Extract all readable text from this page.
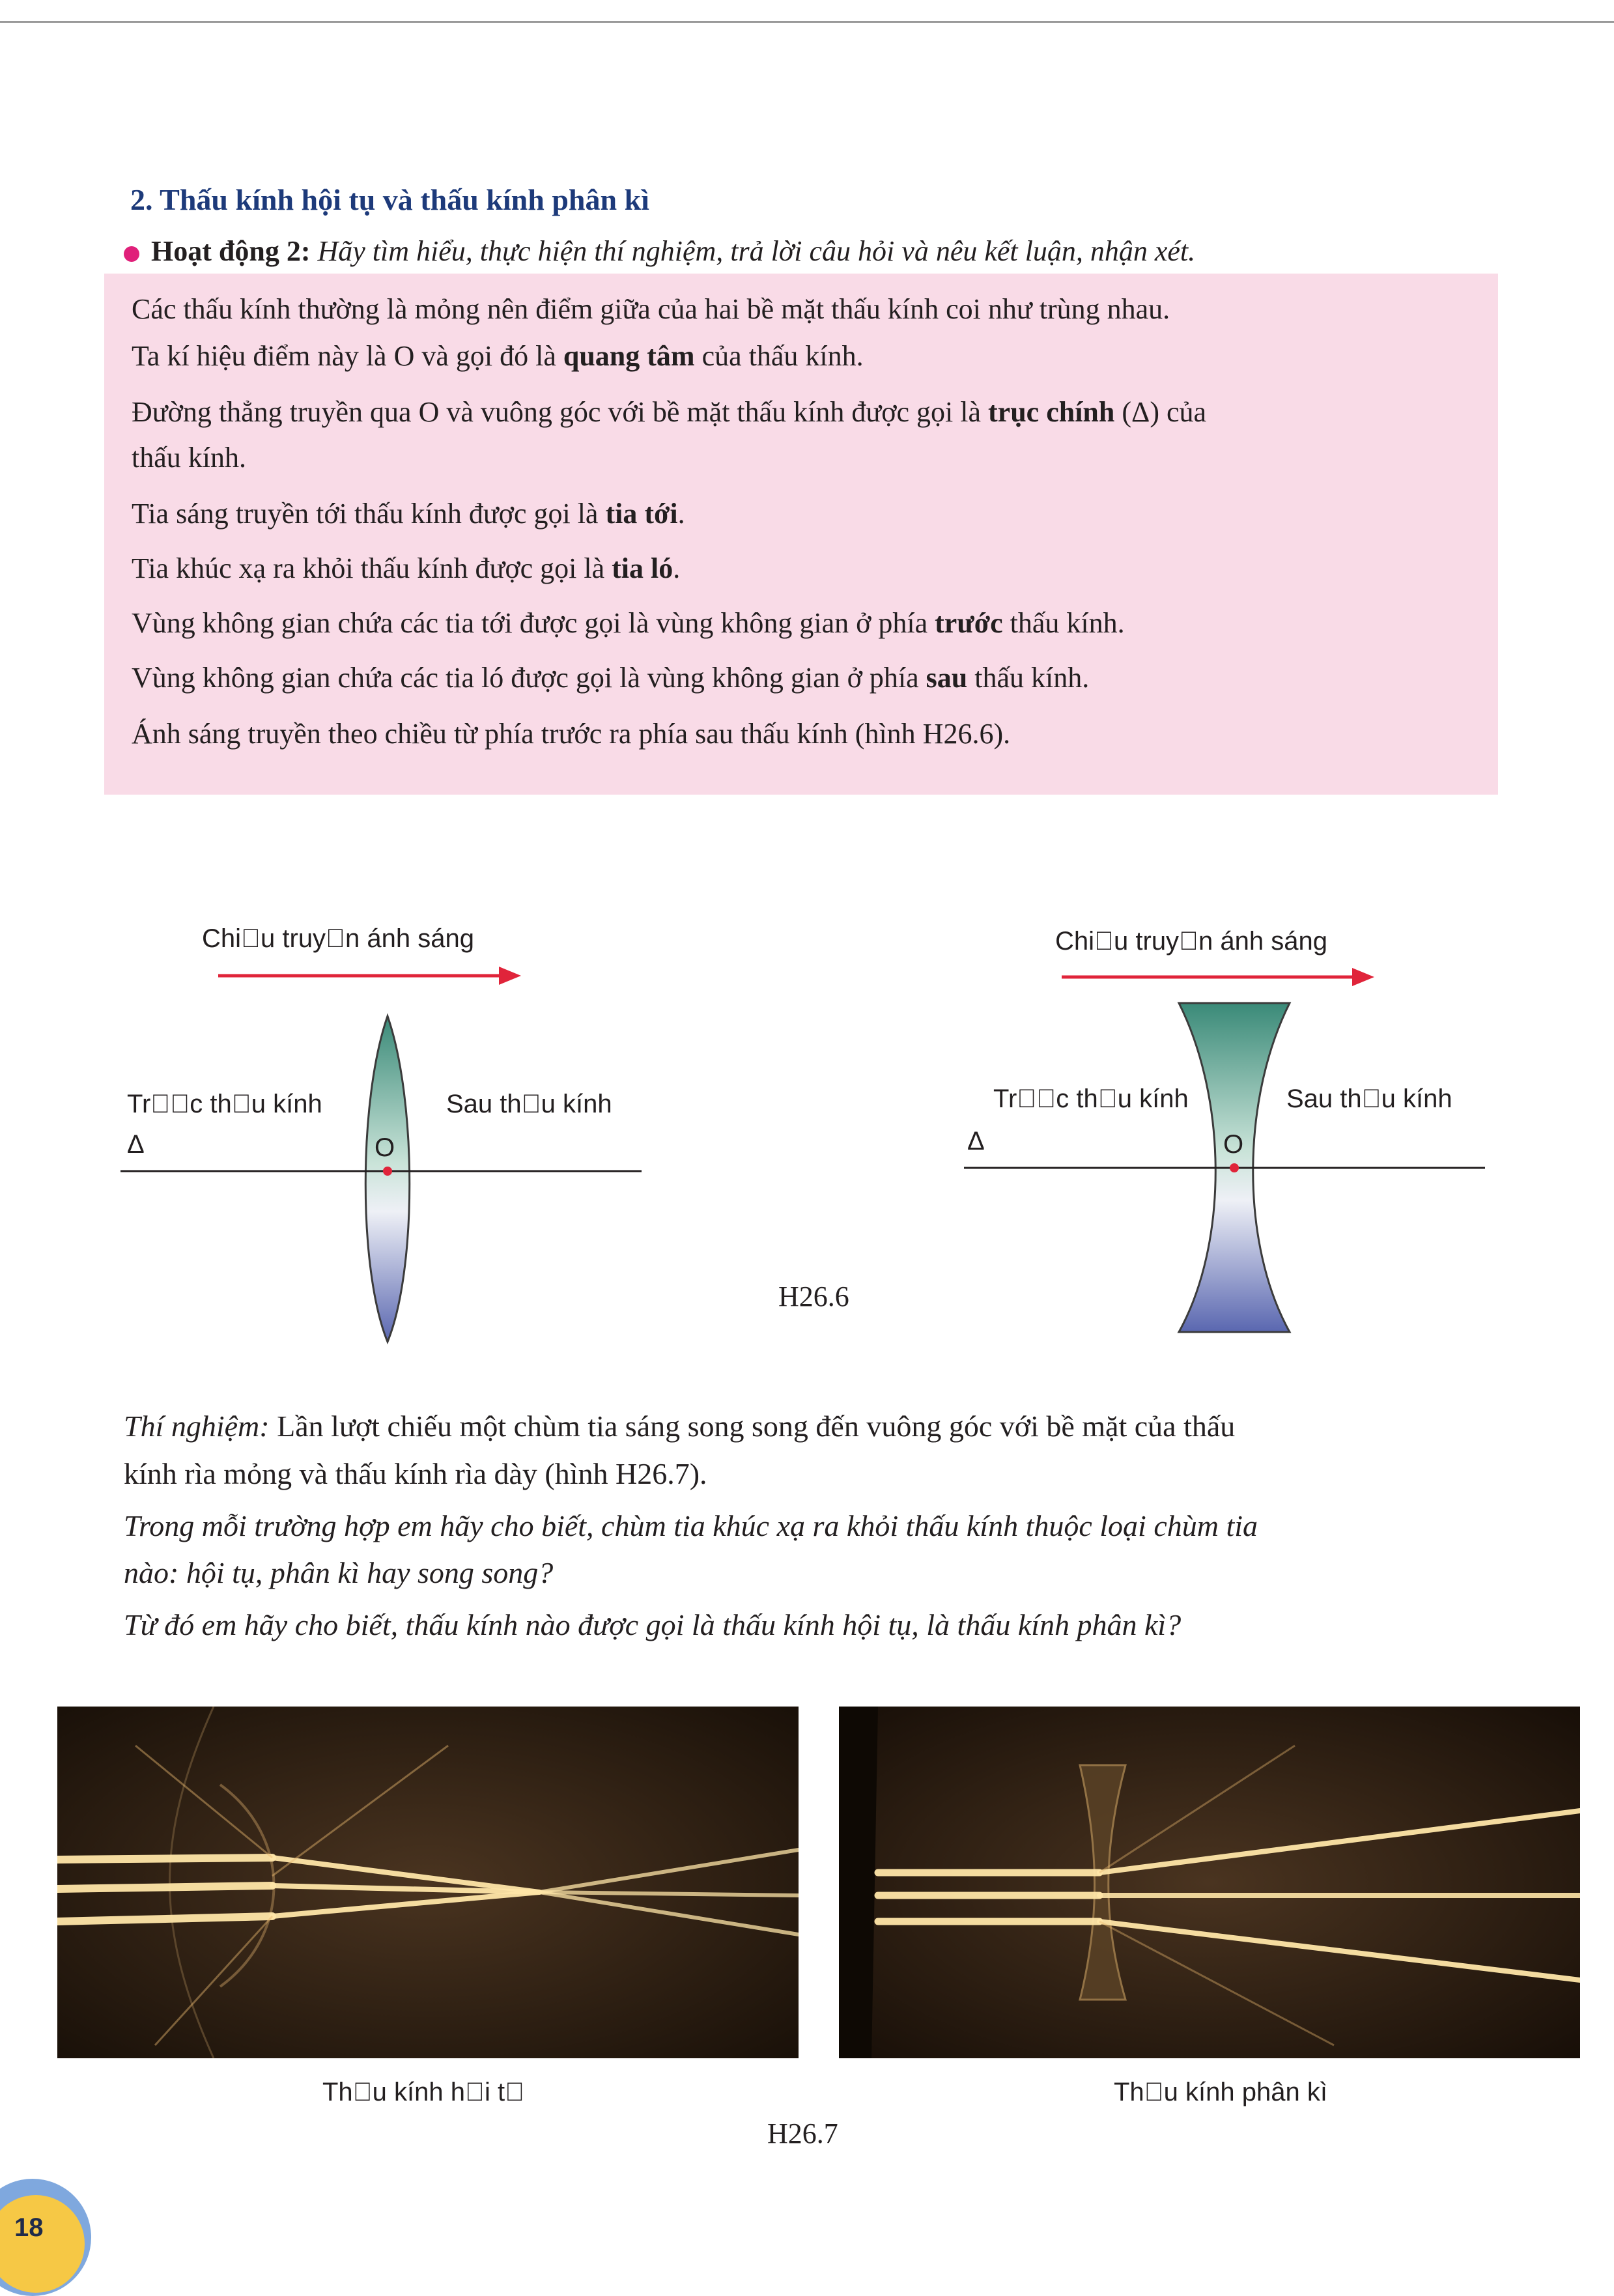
2. Thấu kính hội tụ và thấu kính phân kì
Hoạt động 2: Hãy tìm hiểu, thực hiện thí nghiệm, trả lời câu hỏi và nêu kết luận, nhận xét.

Các thấu kính thường là mỏng nên điểm giữa của hai bề mặt thấu kính coi như trùng nhau.

Ta kí hiệu điểm này là O và gọi đó là quang tâm của thấu kính.

Đường thẳng truyền qua O và vuông góc với bề mặt thấu kính được gọi là trục chính (Δ) của

thấu kính.

Tia sáng truyền tới thấu kính được gọi là tia tới.

Tia khúc xạ ra khỏi thấu kính được gọi là tia ló.

Vùng không gian chứa các tia tới được gọi là vùng không gian ở phía trước thấu kính.

Vùng không gian chứa các tia ló được gọi là vùng không gian ở phía sau thấu kính.

Ánh sáng truyền theo chiều từ phía trước ra phía sau thấu kính (hình H26.6).

Chi u truy n ánh sáng
O
Tr  c th u kính	Sau th u kính
Δ
H26.6
Chi u truy n ánh sáng
O
Tr  c th u kính	Sau th u kính
Δ

Thí nghiệm: Lần lượt chiếu một chùm tia sáng song song đến vuông góc với bề mặt của thấu

kính rìa mỏng và thấu kính rìa dày (hình H26.7).

Trong mỗi trường hợp em hãy cho biết, chùm tia khúc xạ ra khỏi thấu kính thuộc loại chùm tia

nào: hội tụ, phân kì hay song song?

Từ đó em hãy cho biết, thấu kính nào được gọi là thấu kính hội tụ, là thấu kính phân kì?

Th u kính h i t 	Th u kính phân kì
H26.7
18
